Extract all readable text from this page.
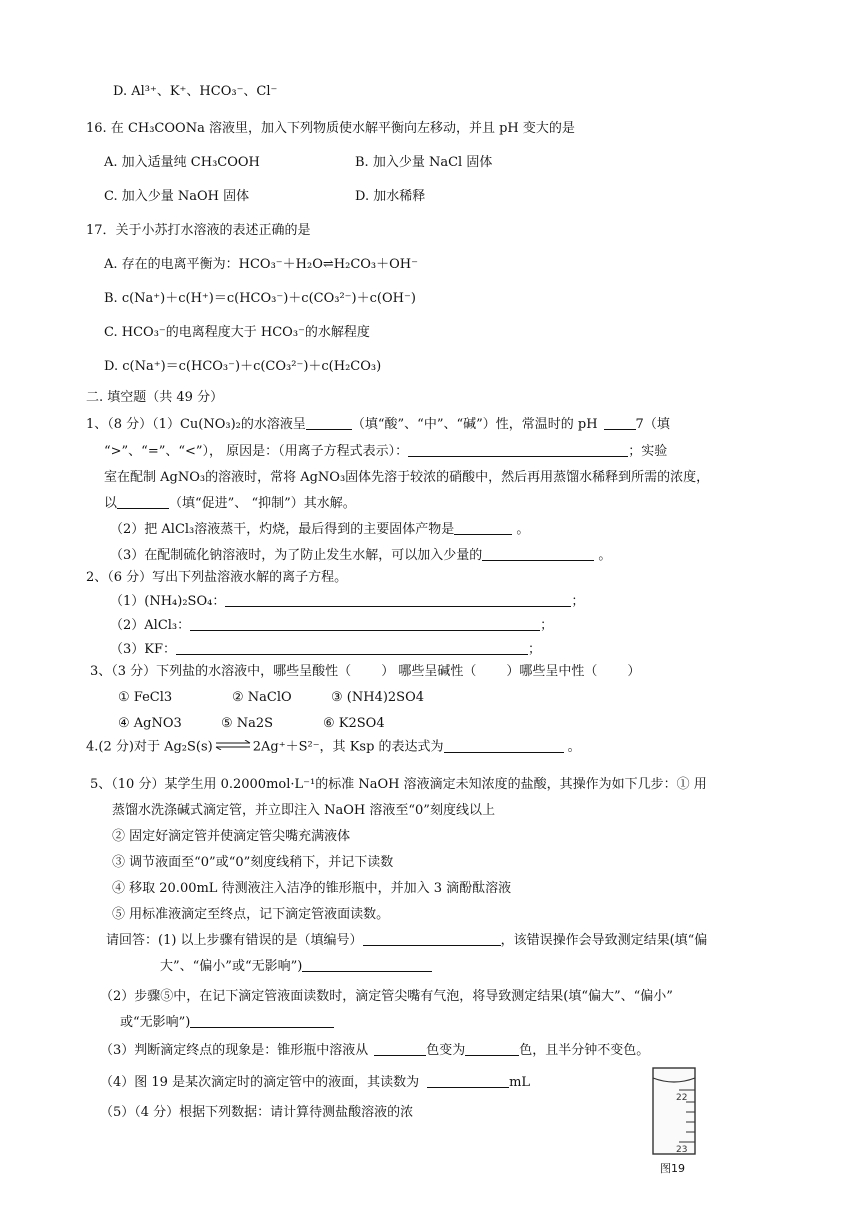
D. Al³⁺、K⁺、HCO₃⁻、Cl⁻
16. 在 CH₃COONa 溶液里，加入下列物质使水解平衡向左移动，并且 pH 变大的是
A. 加入适量纯 CH₃COOH	B. 加入少量 NaCl 固体
C. 加入少量 NaOH 固体	D. 加水稀释
17．关于小苏打水溶液的表述正确的是
A. 存在的电离平衡为：HCO₃⁻＋H₂O⇌H₂CO₃＋OH⁻
B. c(Na⁺)＋c(H⁺)＝c(HCO₃⁻)＋c(CO₃²⁻)＋c(OH⁻)
C. HCO₃⁻的电离程度大于 HCO₃⁻的水解程度
D. c(Na⁺)＝c(HCO₃⁻)＋c(CO₃²⁻)＋c(H₂CO₃)
二. 填空题（共 49 分）
1、（8 分）（1）Cu(NO₃)₂的水溶液呈	（填“酸”、“中”、“碱”）性，常温时的 pH	7（填
“>”、“=”、“<”）， 原因是：（用离子方程式表示）：	；实验
室在配制 AgNO₃的溶液时，常将 AgNO₃固体先溶于较浓的硝酸中，然后再用蒸馏水稀释到所需的浓度，
以	（填“促进”、 “抑制”）其水解。
（2）把 AlCl₃溶液蒸干，灼烧，最后得到的主要固体产物是	。
（3）在配制硫化钠溶液时，为了防止发生水解，可以加入少量的	。
2、（6 分）写出下列盐溶液水解的离子方程。
（1）(NH₄)₂SO₄：	；
（2）AlCl₃：	；
（3）KF：	；
3、（3 分）下列盐的水溶液中，哪些呈酸性（ ） 哪些呈碱性（ ）哪些呈中性（ ）
① FeCl3	② NaClO	③ (NH4)2SO4
④ AgNO3	⑤ Na2S	⑥ K2SO4
4.(2 分)对于 Ag₂S(s) ⇌ 2Ag⁺＋S²⁻，其 Ksp 的表达式为	。
5、（10 分）某学生用 0.2000mol·L⁻¹的标准 NaOH 溶液滴定未知浓度的盐酸，其操作为如下几步：① 用
蒸馏水洗涤碱式滴定管，并立即注入 NaOH 溶液至“0”刻度线以上
② 固定好滴定管并使滴定管尖嘴充满液体
③ 调节液面至“0”或“0”刻度线稍下，并记下读数
④ 移取 20.00mL 待测液注入洁净的锥形瓶中，并加入 3 滴酚酞溶液
⑤ 用标准液滴定至终点，记下滴定管液面读数。
请回答：(1) 以上步骤有错误的是（填编号）	，该错误操作会导致测定结果(填“偏
大”、“偏小”或“无影响”)
（2）步骤⑤中，在记下滴定管液面读数时，滴定管尖嘴有气泡，将导致测定结果(填“偏大”、“偏小”
或“无影响”)
（3）判断滴定终点的现象是：锥形瓶中溶液从	色变为	色，且半分钟不变色。
（4）图 19 是某次滴定时的滴定管中的液面，其读数为	mL
（5）（4 分）根据下列数据：请计算待测盐酸溶液的浓
22
23
图19
